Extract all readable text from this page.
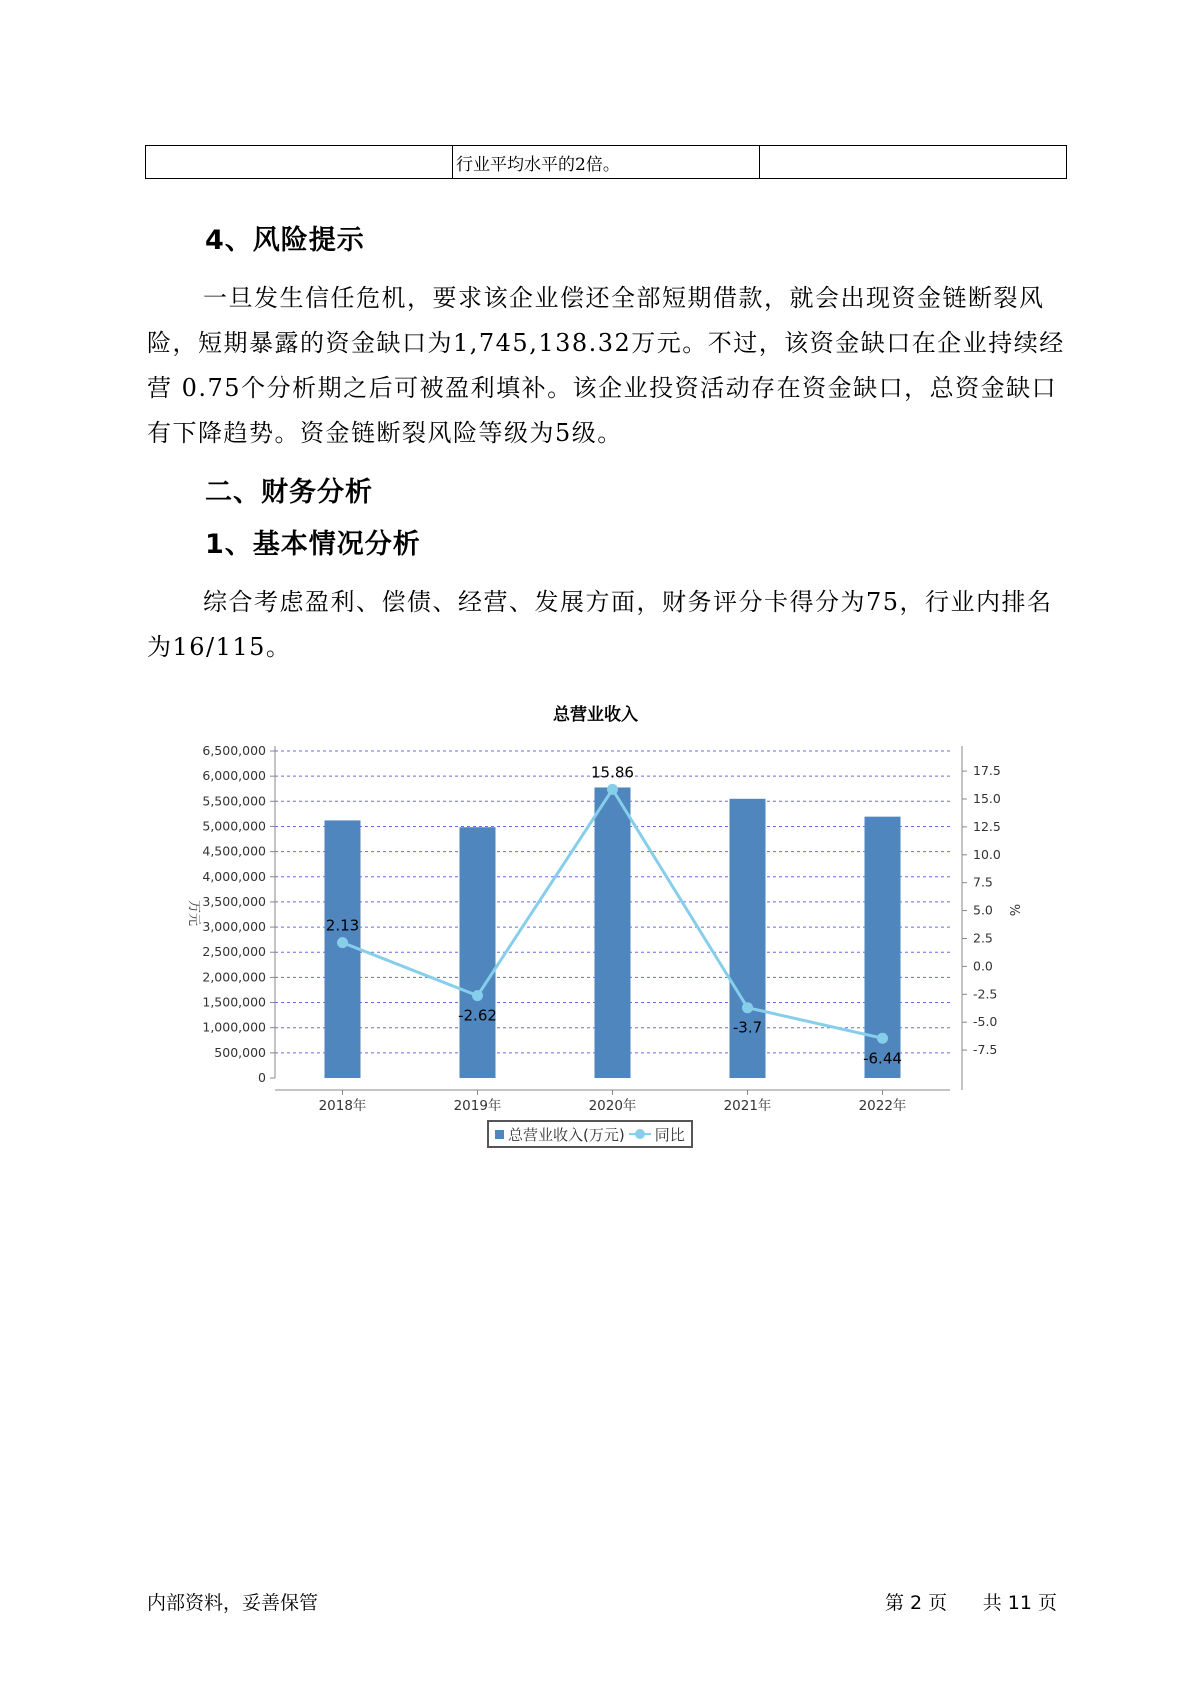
	行业平均水平的2倍。	
4、风险提示

一旦发生信任危机，要求该企业偿还全部短期借款，就会出现资金链断裂风险，短期暴露的资金缺口为1,745,138.32万元。不过，该资金缺口在企业持续经营 0.75个分析期之后可被盈利填补。该企业投资活动存在资金缺口，总资金缺口有下降趋势。资金链断裂风险等级为5级。

二、财务分析
1、基本情况分析

综合考虑盈利、偿债、经营、发展方面，财务评分卡得分为75，行业内排名为16/115。

总营业收入
0
500,000
1,000,000
1,500,000
2,000,000
2,500,000
3,000,000
3,500,000
4,000,000
4,500,000
5,000,000
5,500,000
6,000,000
6,500,000
-7.5
-5.0
-2.5
0.0
2.5
5.0
7.5
10.0
12.5
15.0
17.5
万元	%
2018年	2019年	2020年	2021年	2022年
2.13
-2.62
15.86
-3.7
-6.44
总营业收入(万元) 同比
内部资料，妥善保管	第 2 页 共 11 页
